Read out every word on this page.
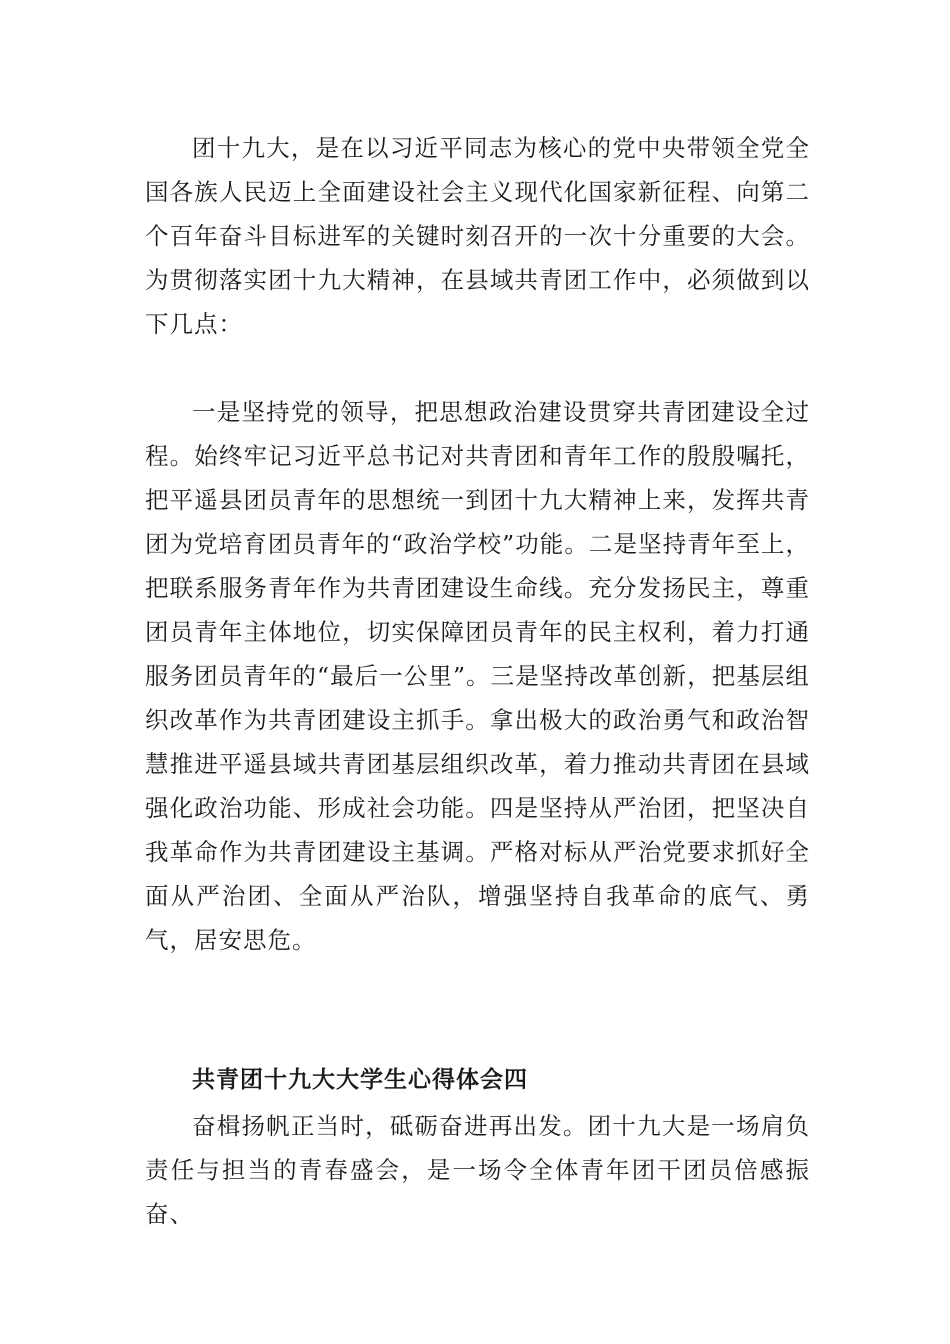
团十九大，是在以习近平同志为核心的党中央带领全党全国各族人民迈上全面建设社会主义现代化国家新征程、向第二个百年奋斗目标进军的关键时刻召开的一次十分重要的大会。为贯彻落实团十九大精神，在县域共青团工作中，必须做到以下几点：

一是坚持党的领导，把思想政治建设贯穿共青团建设全过程。始终牢记习近平总书记对共青团和青年工作的殷殷嘱托，把平遥县团员青年的思想统一到团十九大精神上来，发挥共青团为党培育团员青年的“政治学校”功能。二是坚持青年至上，把联系服务青年作为共青团建设生命线。充分发扬民主，尊重团员青年主体地位，切实保障团员青年的民主权利，着力打通服务团员青年的“最后一公里”。三是坚持改革创新，把基层组织改革作为共青团建设主抓手。拿出极大的政治勇气和政治智慧推进平遥县域共青团基层组织改革，着力推动共青团在县域强化政治功能、形成社会功能。四是坚持从严治团，把坚决自我革命作为共青团建设主基调。严格对标从严治党要求抓好全面从严治团、全面从严治队，增强坚持自我革命的底气、勇气，居安思危。

共青团十九大大学生心得体会四

奋楫扬帆正当时，砥砺奋进再出发。团十九大是一场肩负责任与担当的青春盛会，是一场令全体青年团干团员倍感振奋、
